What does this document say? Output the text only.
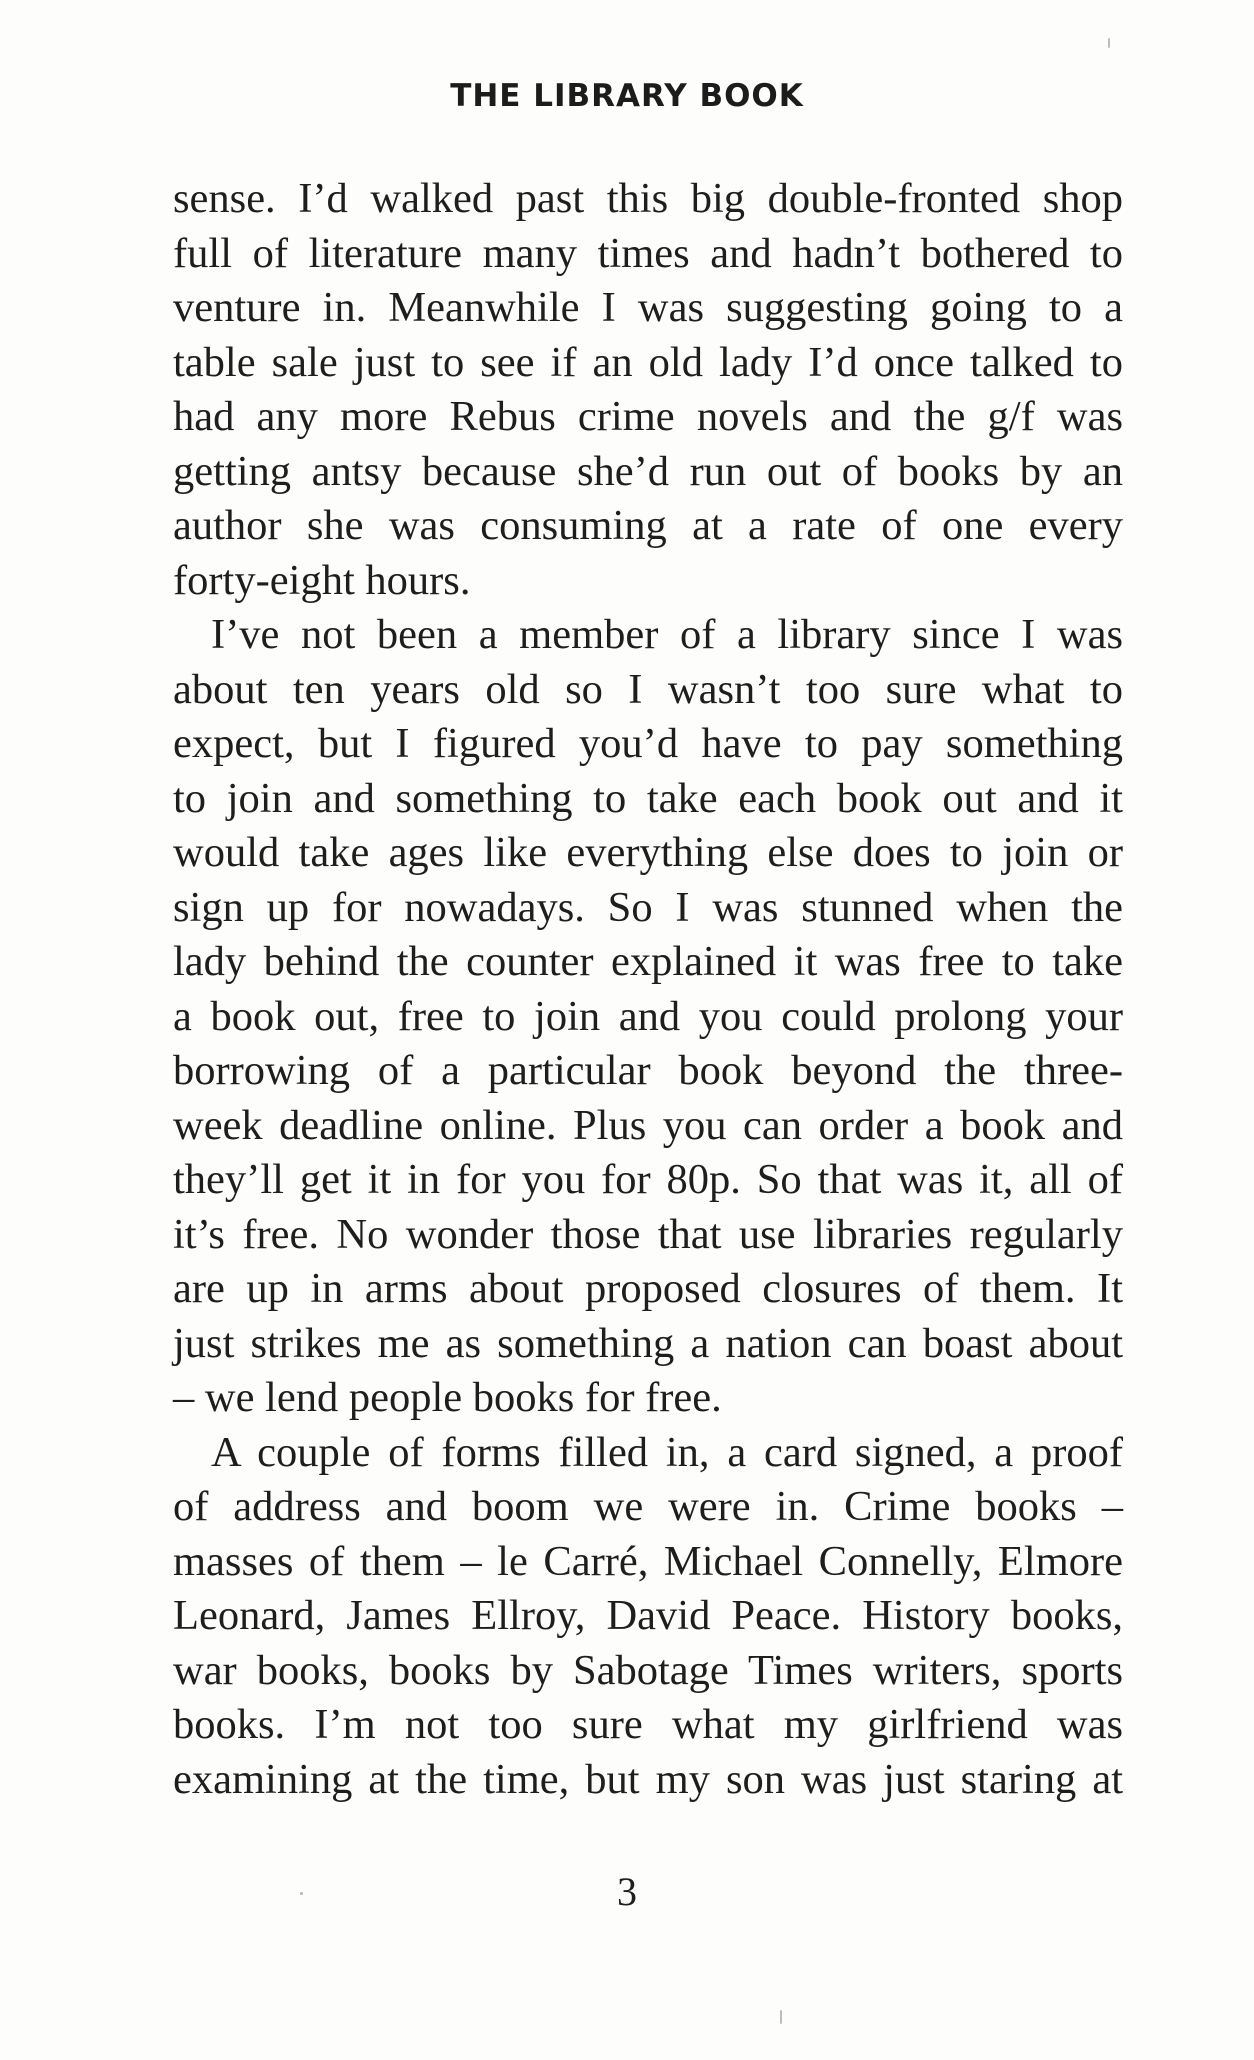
THE LIBRARY BOOK
sense. I’d walked past this big double-fronted shop
full of literature many times and hadn’t bothered to
venture in. Meanwhile I was suggesting going to a
table sale just to see if an old lady I’d once talked to
had any more Rebus crime novels and the g/f was
getting antsy because she’d run out of books by an
author she was consuming at a rate of one every
forty-eight hours.
I’ve not been a member of a library since I was
about ten years old so I wasn’t too sure what to
expect, but I figured you’d have to pay something
to join and something to take each book out and it
would take ages like everything else does to join or
sign up for nowadays. So I was stunned when the
lady behind the counter explained it was free to take
a book out, free to join and you could prolong your
borrowing of a particular book beyond the three-
week deadline online. Plus you can order a book and
they’ll get it in for you for 80p. So that was it, all of
it’s free. No wonder those that use libraries regularly
are up in arms about proposed closures of them. It
just strikes me as something a nation can boast about
– we lend people books for free.
A couple of forms filled in, a card signed, a proof
of address and boom we were in. Crime books –
masses of them – le Carré, Michael Connelly, Elmore
Leonard, James Ellroy, David Peace. History books,
war books, books by Sabotage Times writers, sports
books. I’m not too sure what my girlfriend was
examining at the time, but my son was just staring at
3
